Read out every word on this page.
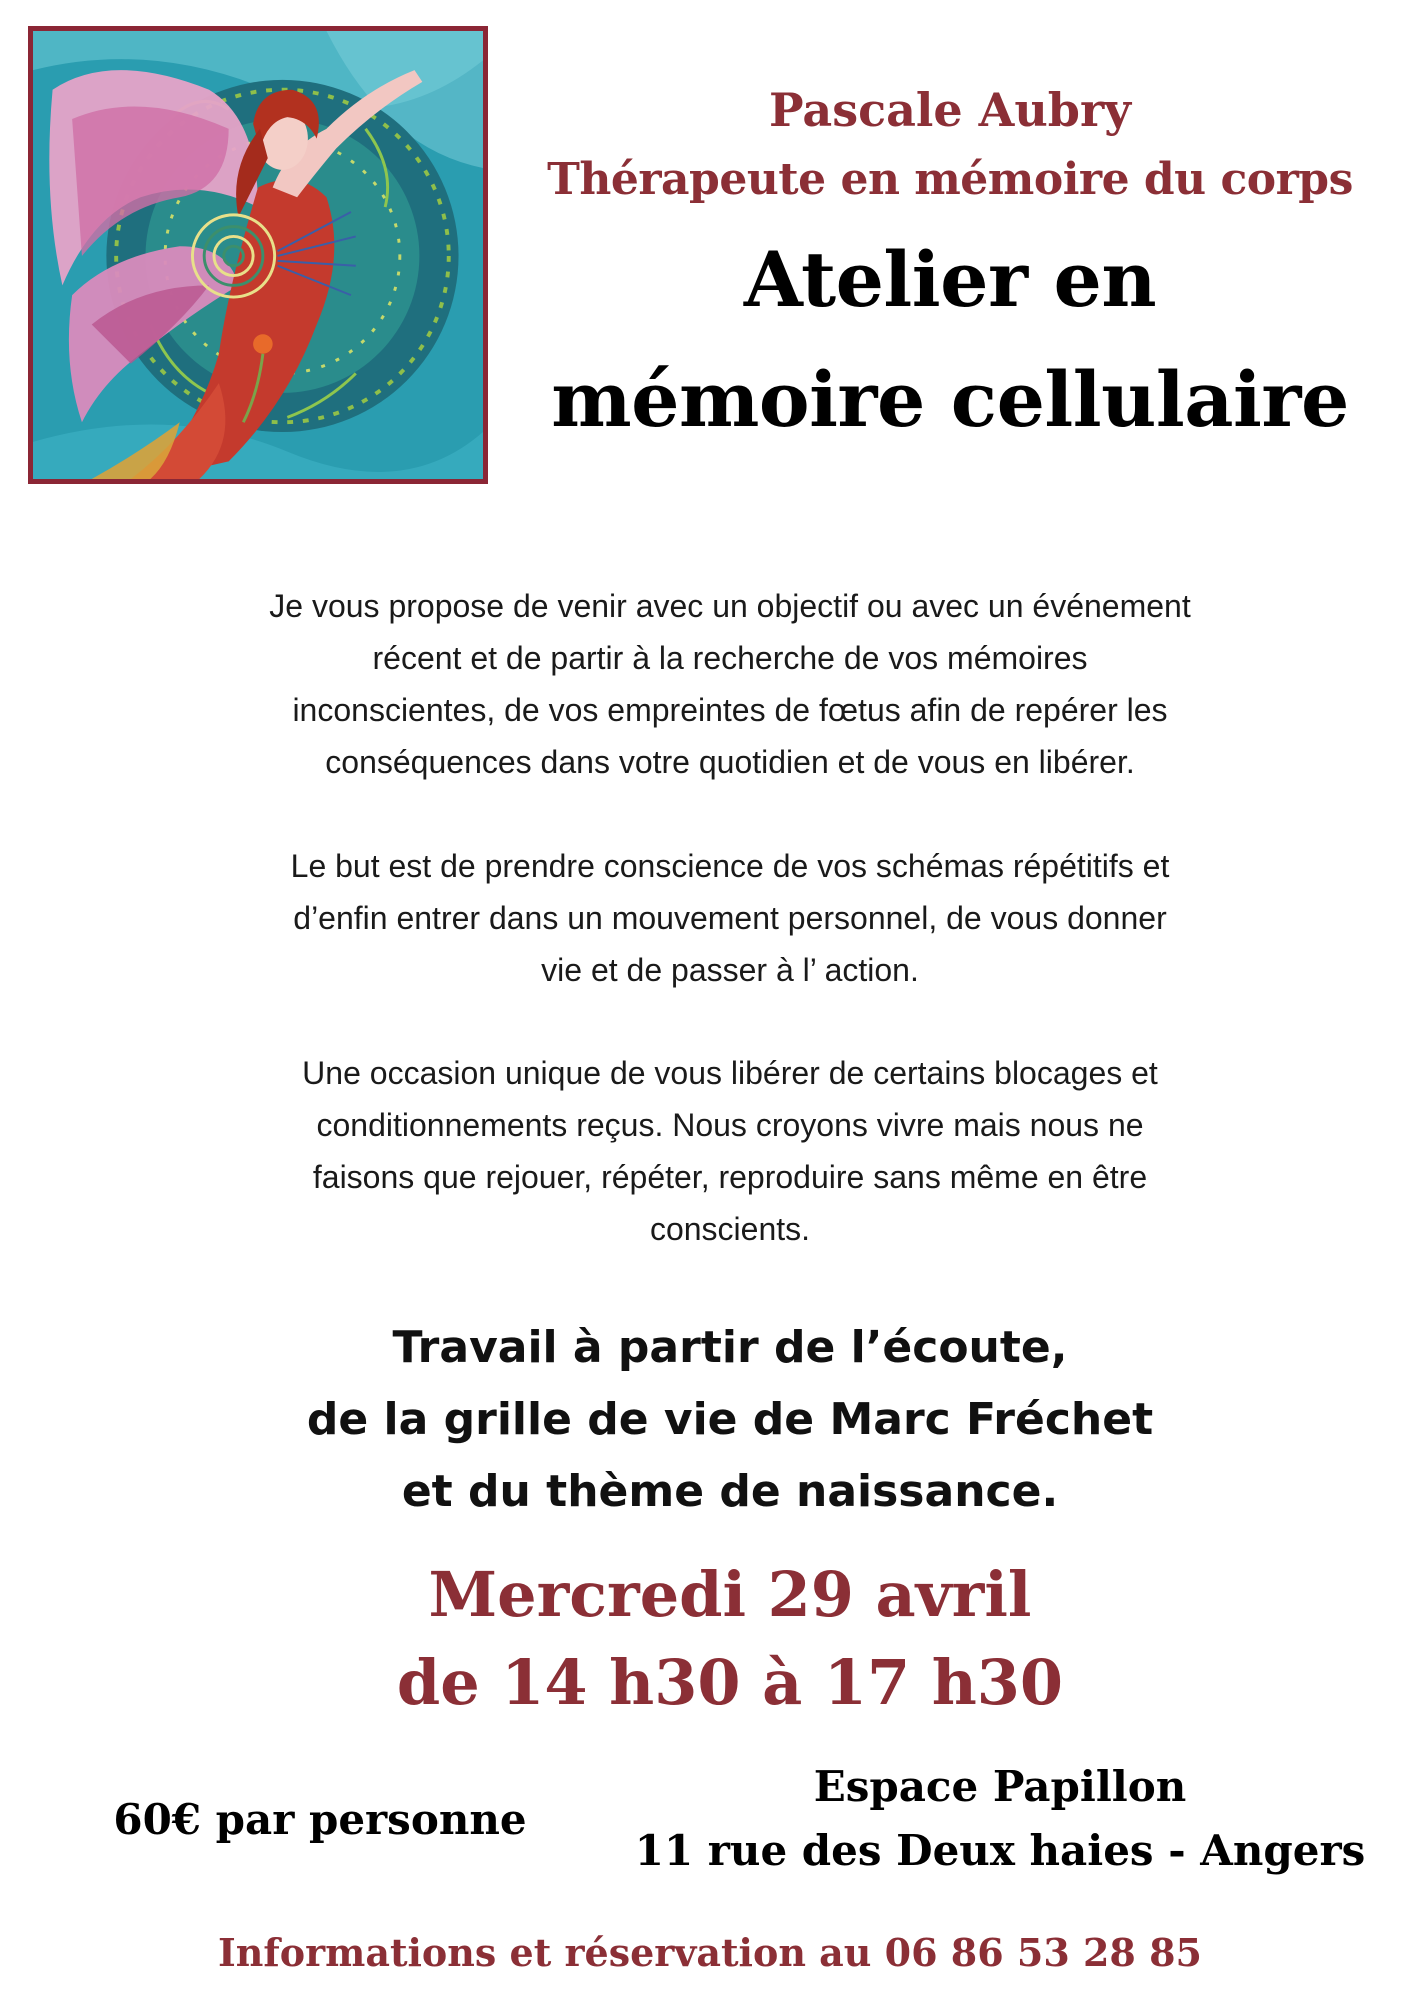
Pascale Aubry

Thérapeute en mémoire du corps

Atelier en
mémoire cellulaire

Je vous propose de venir avec un objectif ou avec un événement
récent et de partir à la recherche de vos mémoires
inconscientes, de vos empreintes de fœtus afin de repérer les
conséquences dans votre quotidien et de vous en libérer.

Le but est de prendre conscience de vos schémas répétitifs et
d’enfin entrer dans un mouvement personnel, de vous donner
vie et de passer à l’ action.

Une occasion unique de vous libérer de certains blocages et
conditionnements reçus. Nous croyons vivre mais nous ne
faisons que rejouer, répéter, reproduire sans même en être
conscients.

Travail à partir de l’écoute,
de la grille de vie de Marc Fréchet
et du thème de naissance.

Mercredi 29 avril

de 14 h30 à 17 h30

60€ par personne

Espace Papillon
11 rue des Deux haies - Angers

Informations et réservation au 06 86 53 28 85
